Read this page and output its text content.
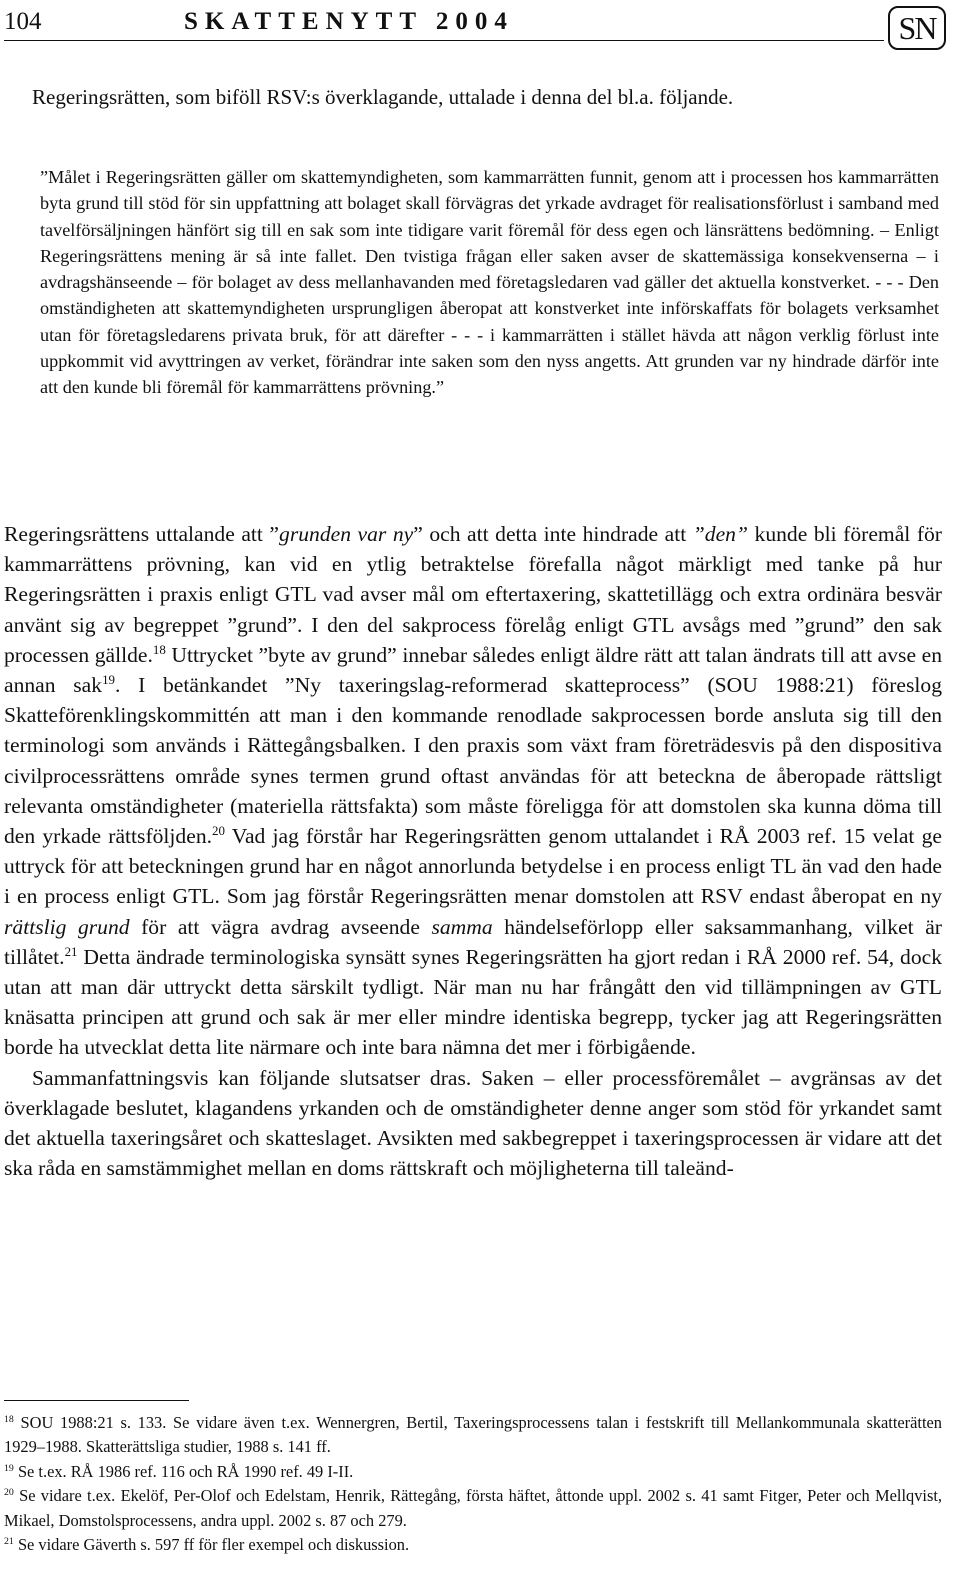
104	SKATTENYTT 2004	SN

Regeringsrätten, som biföll RSV:s överklagande, uttalade i denna del bl.a. följande.

”Målet i Regeringsrätten gäller om skattemyndigheten, som kammarrätten funnit, genom att i processen hos kammarrätten byta grund till stöd för sin uppfattning att bolaget skall förvägras det yrkade avdraget för realisationsförlust i samband med tavelförsäljningen hänfört sig till en sak som inte tidigare varit föremål för dess egen och länsrättens bedömning. – Enligt Regeringsrättens mening är så inte fallet. Den tvistiga frågan eller saken avser de skattemässiga konsekvenserna – i avdragshänseende – för bolaget av dess mellanhavanden med företagsledaren vad gäller det aktuella konstverket. - - - Den omständigheten att skattemyndigheten ursprungligen åberopat att konstverket inte införskaffats för bolagets verksamhet utan för företagsledarens privata bruk, för att därefter - - - i kammarrätten i stället hävda att någon verklig förlust inte uppkommit vid avyttringen av verket, förändrar inte saken som den nyss angetts. Att grunden var ny hindrade därför inte att den kunde bli föremål för kammarrättens prövning.”

Regeringsrättens uttalande att ”grunden var ny” och att detta inte hindrade att ”den” kunde bli föremål för kammarrättens prövning, kan vid en ytlig betraktelse förefalla något märkligt med tanke på hur Regeringsrätten i praxis enligt GTL vad avser mål om eftertaxering, skattetillägg och extra ordinära besvär använt sig av begreppet ”grund”. I den del sakprocess förelåg enligt GTL avsågs med ”grund” den sak processen gällde.$^{18}$ Uttrycket ”byte av grund” innebar således enligt äldre rätt att talan ändrats till att avse en annan sak$^{19}$. I betänkandet ”Ny taxeringslag-reformerad skatteprocess” (SOU 1988:21) föreslog Skatteförenklingskommittén att man i den kommande renodlade sakprocessen borde ansluta sig till den terminologi som används i Rättegångsbalken. I den praxis som växt fram företrädesvis på den dispositiva civilprocessrättens område synes termen grund oftast användas för att beteckna de åberopade rättsligt relevanta omständigheter (materiella rättsfakta) som måste föreligga för att domstolen ska kunna döma till den yrkade rättsföljden.$^{20}$ Vad jag förstår har Regeringsrätten genom uttalandet i RÅ 2003 ref. 15 velat ge uttryck för att beteckningen grund har en något annorlunda betydelse i en process enligt TL än vad den hade i en process enligt GTL. Som jag förstår Regeringsrätten menar domstolen att RSV endast åberopat en ny rättslig grund för att vägra avdrag avseende samma händelseförlopp eller saksammanhang, vilket är tillåtet.$^{21}$ Detta ändrade terminologiska synsätt synes Regeringsrätten ha gjort redan i RÅ 2000 ref. 54, dock utan att man där uttryckt detta särskilt tydligt. När man nu har frångått den vid tillämpningen av GTL knäsatta principen att grund och sak är mer eller mindre identiska begrepp, tycker jag att Regeringsrätten borde ha utvecklat detta lite närmare och inte bara nämna det mer i förbigående.

Sammanfattningsvis kan följande slutsatser dras. Saken – eller processföremålet – avgränsas av det överklagade beslutet, klagandens yrkanden och de omständigheter denne anger som stöd för yrkandet samt det aktuella taxeringsåret och skatteslaget. Avsikten med sakbegreppet i taxeringsprocessen är vidare att det ska råda en samstämmighet mellan en doms rättskraft och möjligheterna till taleänd-

$^{18}$ SOU 1988:21 s. 133. Se vidare även t.ex. Wennergren, Bertil, Taxeringsprocessens talan i festskrift till Mellankommunala skatterätten 1929–1988. Skatterättsliga studier, 1988 s. 141 ff.

$^{19}$ Se t.ex. RÅ 1986 ref. 116 och RÅ 1990 ref. 49 I-II.

$^{20}$ Se vidare t.ex. Ekelöf, Per-Olof och Edelstam, Henrik, Rättegång, första häftet, åttonde uppl. 2002 s. 41 samt Fitger, Peter och Mellqvist, Mikael, Domstolsprocessens, andra uppl. 2002 s. 87 och 279.

$^{21}$ Se vidare Gäverth s. 597 ff för fler exempel och diskussion.
